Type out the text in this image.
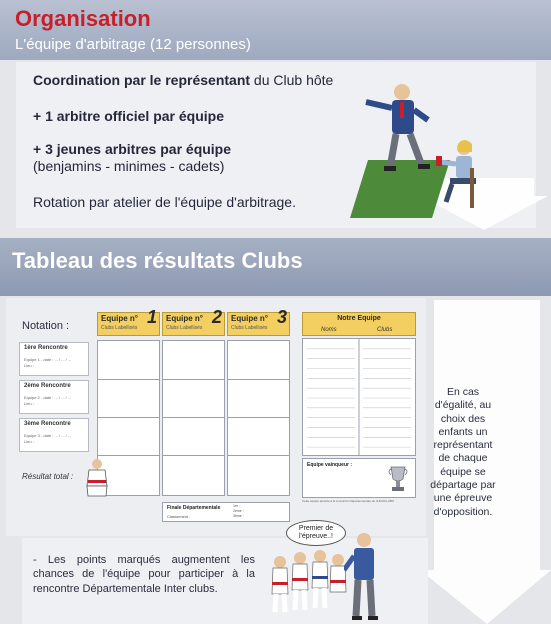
Organisation
L'équipe d'arbitrage (12 personnes)
Coordination par le représentant du Club hôte
+ 1 arbitre officiel par équipe
+ 3 jeunes arbitres par équipe
(benjamins - minimes - cadets)
Rotation par atelier de l'équipe d'arbitrage.
Tableau des résultats Clubs
Notation :
Equipe n° 1
Clubs Labellisés
Equipe n° 2
Clubs Labellisés
Equipe n° 3
Clubs Labellisés
1ère Rencontre
Equipe 1 - date : ... / ... / ...
Lieu :
2ème Rencontre
Equipe 2 - date : ... / ... / ...
Lieu :
3ème Rencontre
Equipe 3 - date : ... / ... / ...
Lieu :
Résultat total :
Notre Equipe
Noms	Clubs
Equipe vainqueur :
Cette équipe accède à la rencontre Départementale de JUDOCLUBS
Finale Départementale
Classement :
1er :
2ème :
3ème :
En cas d'égalité, au choix des enfants un représentant de chaque équipe se départage par une épreuve d'opposition.
- Les points marqués augmentent les chances de l'équipe pour participer à la rencontre Départementale Inter clubs.
Premier de l'épreuve..!
